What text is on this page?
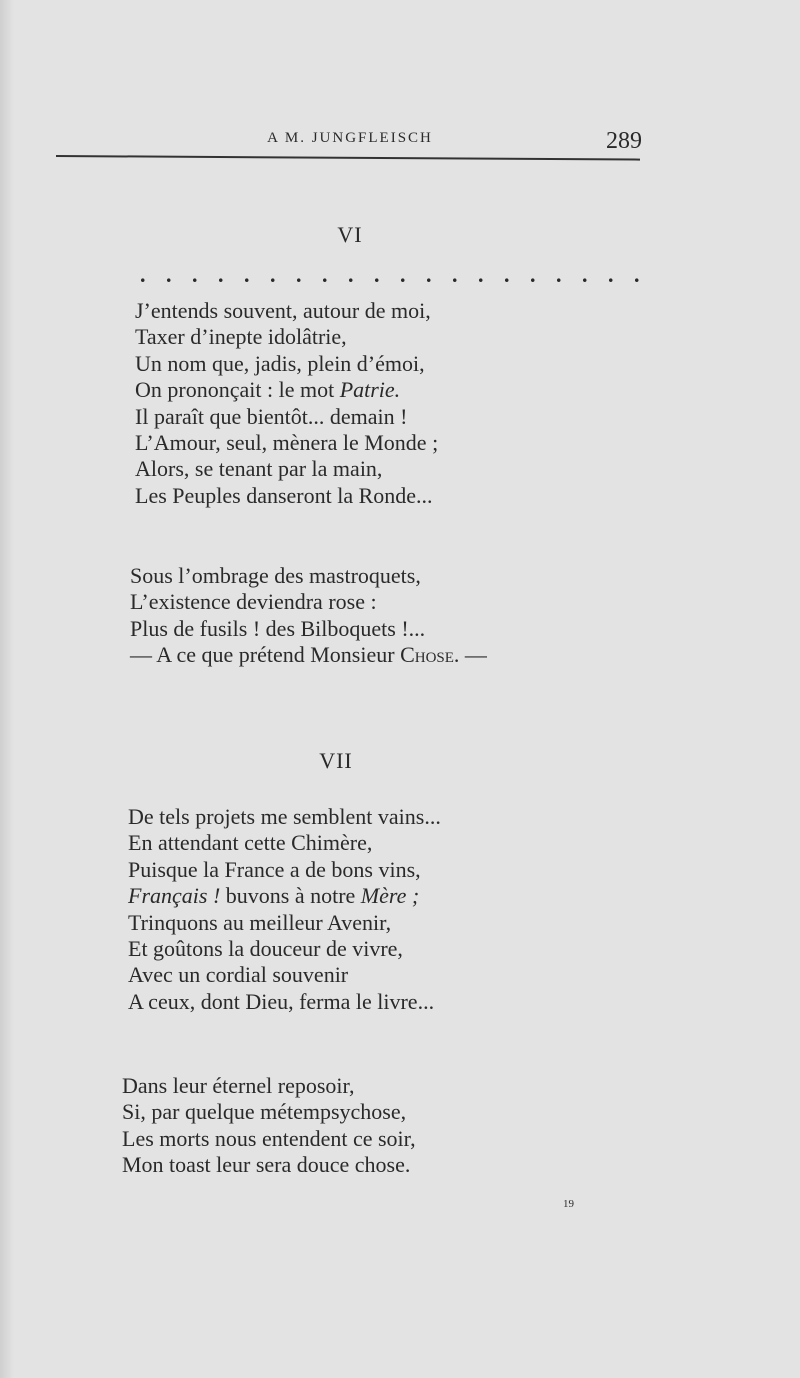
A M. JUNGFLEISCH	289
VI
. . . . . . . . . . . . . . . . . . . .
J’entends souvent, autour de moi,
Taxer d’inepte idolâtrie,
Un nom que, jadis, plein d’émoi,
On prononçait : le mot Patrie.
Il paraît que bientôt... demain !
L’Amour, seul, mènera le Monde ;
Alors, se tenant par la main,
Les Peuples danseront la Ronde...
Sous l’ombrage des mastroquets,
L’existence deviendra rose :
Plus de fusils ! des Bilboquets !...
— A ce que prétend Monsieur Chose. —
VII
De tels projets me semblent vains...
En attendant cette Chimère,
Puisque la France a de bons vins,
Français ! buvons à notre Mère ;
Trinquons au meilleur Avenir,
Et goûtons la douceur de vivre,
Avec un cordial souvenir
A ceux, dont Dieu, ferma le livre...
Dans leur éternel reposoir,
Si, par quelque métempsychose,
Les morts nous entendent ce soir,
Mon toast leur sera douce chose.
19
